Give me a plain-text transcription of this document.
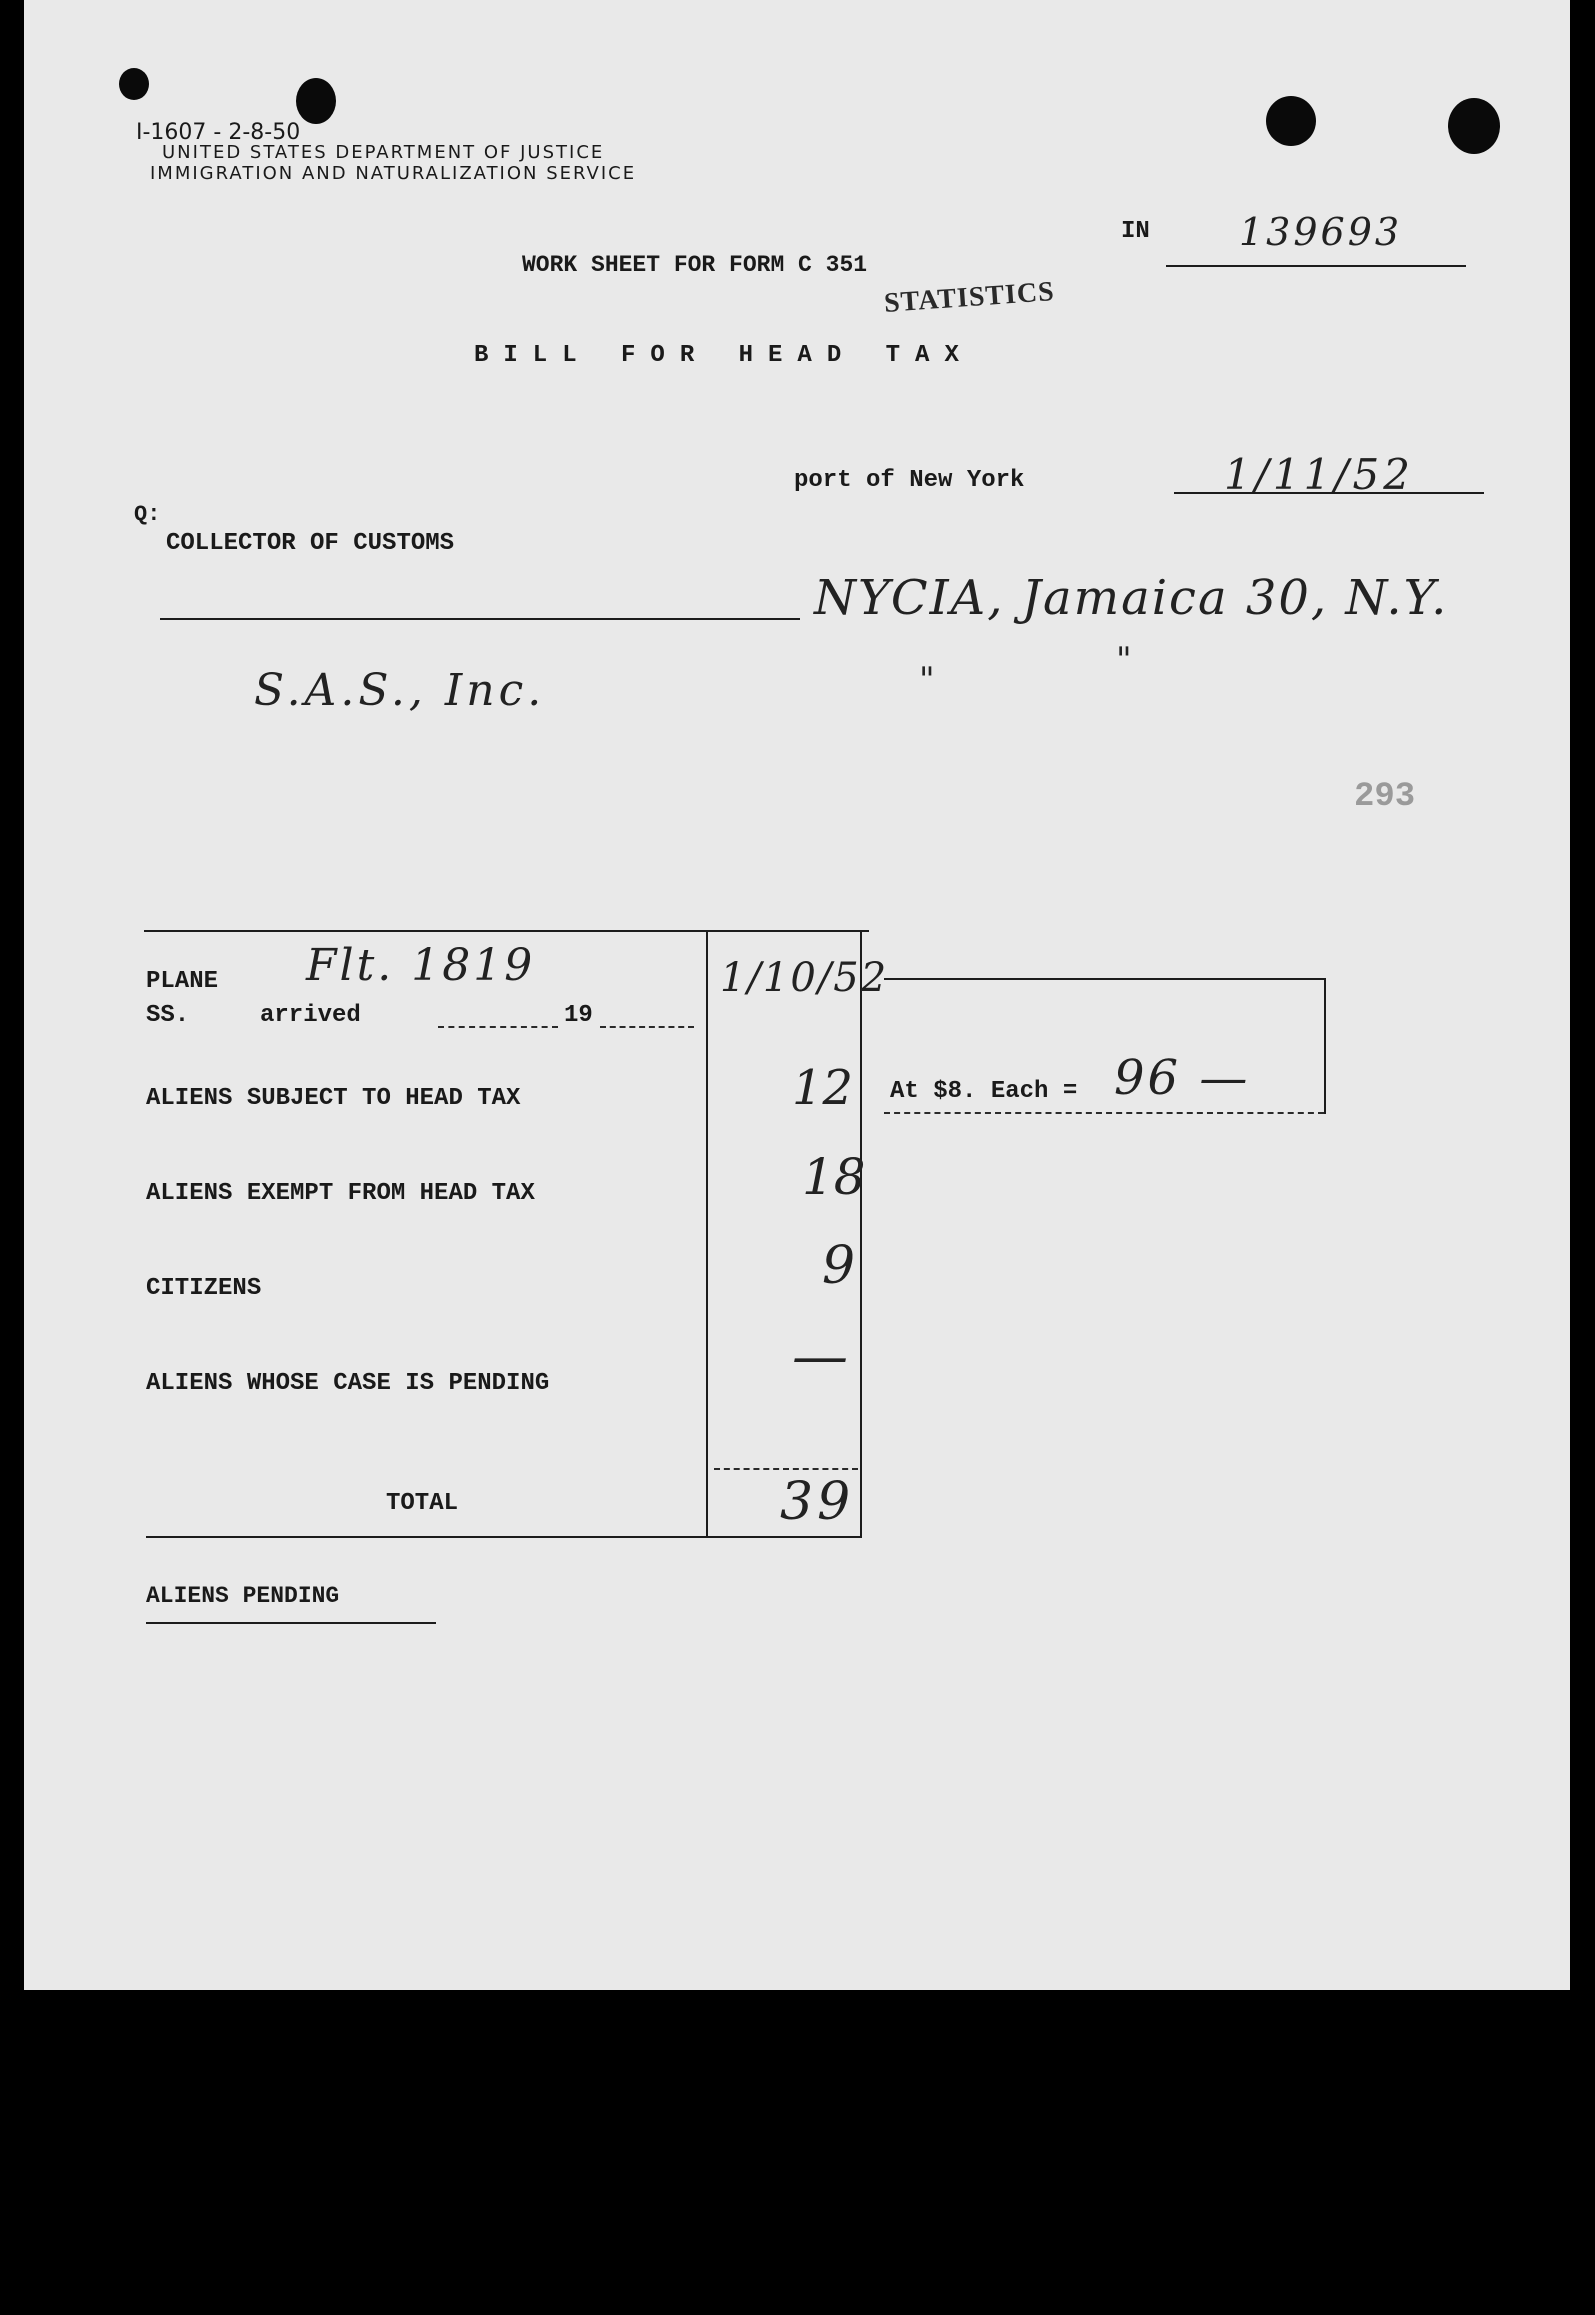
I-1607 - 2-8-50
UNITED STATES DEPARTMENT OF JUSTICE
IMMIGRATION AND NATURALIZATION SERVICE
IN 139693
WORK SHEET FOR FORM C 351
STATISTICS
BILL FOR HEAD TAX
port of New York	1/11/52
Q:
COLLECTOR OF CUSTOMS
NYCIA, Jamaica 30, N.Y.
"	"
S.A.S., Inc.
293
PLANE Flt. 1819
SS.	arrived	19
1/10/52
ALIENS SUBJECT TO HEAD TAX	12
ALIENS EXEMPT FROM HEAD TAX	18
CITIZENS	9
ALIENS WHOSE CASE IS PENDING	—
TOTAL	39
At $8. Each = 96 —
ALIENS PENDING
